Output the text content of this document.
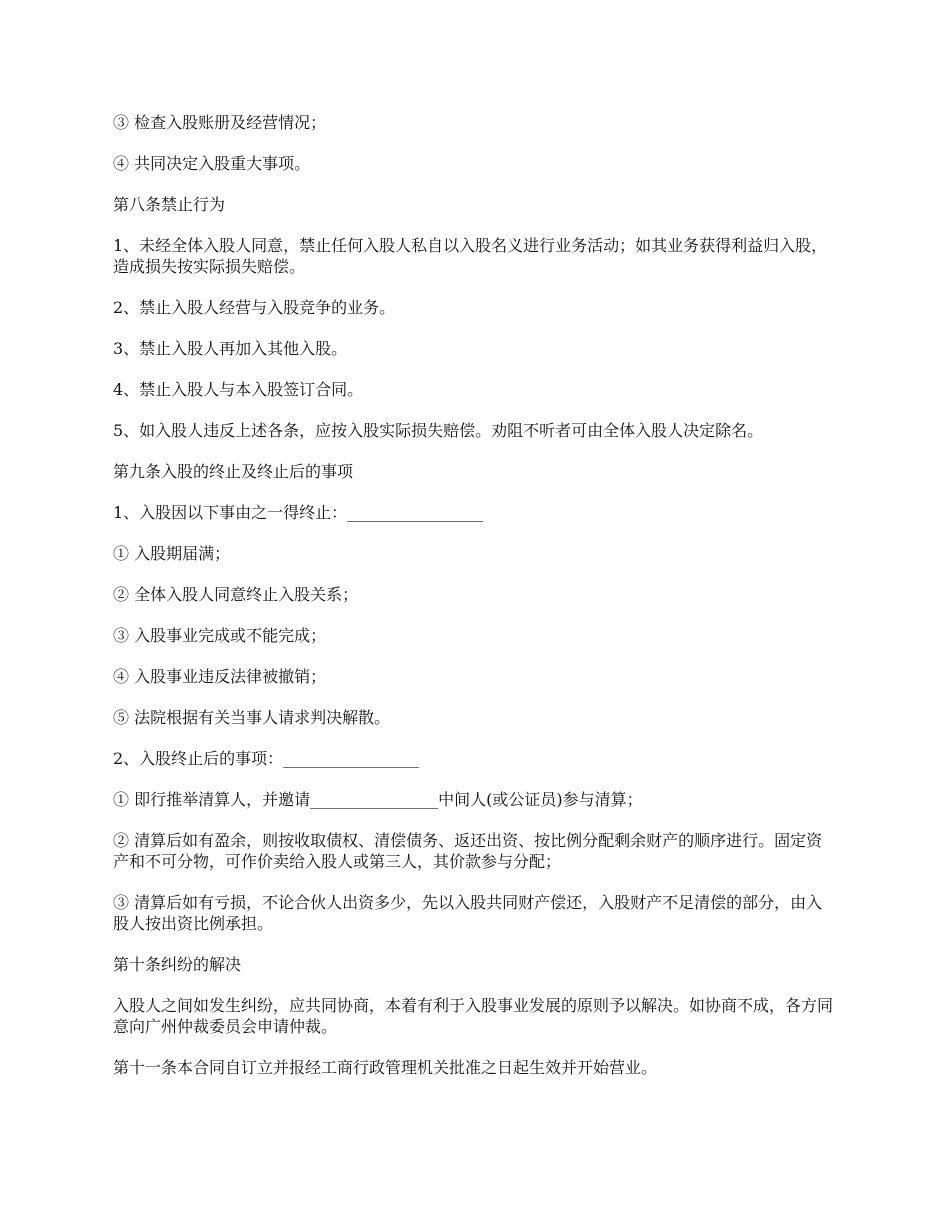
③ 检查入股账册及经营情况；

④ 共同决定入股重大事项。

第八条禁止行为

1、未经全体入股人同意，禁止任何入股人私自以入股名义进行业务活动；如其业务获得利益归入股，造成损失按实际损失赔偿。

2、禁止入股人经营与入股竞争的业务。

3、禁止入股人再加入其他入股。

4、禁止入股人与本入股签订合同。

5、如入股人违反上述各条，应按入股实际损失赔偿。劝阻不听者可由全体入股人决定除名。

第九条入股的终止及终止后的事项

1、入股因以下事由之一得终止：_________________

① 入股期届满；

② 全体入股人同意终止入股关系；

③ 入股事业完成或不能完成；

④ 入股事业违反法律被撤销；

⑤ 法院根据有关当事人请求判决解散。

2、入股终止后的事项：_________________

① 即行推举清算人，并邀请________________中间人(或公证员)参与清算；

② 清算后如有盈余，则按收取债权、清偿债务、返还出资、按比例分配剩余财产的顺序进行。固定资产和不可分物，可作价卖给入股人或第三人，其价款参与分配；

③ 清算后如有亏损，不论合伙人出资多少，先以入股共同财产偿还，入股财产不足清偿的部分，由入股人按出资比例承担。

第十条纠纷的解决

入股人之间如发生纠纷，应共同协商，本着有利于入股事业发展的原则予以解决。如协商不成，各方同意向广州仲裁委员会申请仲裁。

第十一条本合同自订立并报经工商行政管理机关批准之日起生效并开始营业。
